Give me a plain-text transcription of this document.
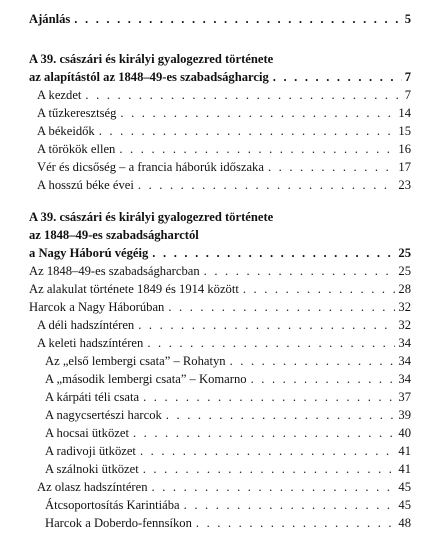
Ajánlás . . .	5
A 39. császári és királyi gyalogezred története
az alapítástól az 1848–49-es szabadságharcig . . .	7
A kezdet . . .	7
A tűzkeresztség . . .	14
A békeidők . . .	15
A törökök ellen . . .	16
Vér és dicsőség – a francia háborúk időszaka . . .	17
A hosszú béke évei . . .	23
A 39. császári és királyi gyalogezred története
az 1848–49-es szabadságharctól
a Nagy Háború végéig . . .	25
Az 1848–49-es szabadságharcban . . .	25
Az alakulat története 1849 és 1914 között . . .	28
Harcok a Nagy Háborúban . . .	32
A déli hadszíntéren . . .	32
A keleti hadszíntéren . . .	34
Az „első lembergi csata” – Rohatyn . . .	34
A „második lembergi csata” – Komarno . . .	34
A kárpáti téli csata . . .	37
A nagycsertészi harcok . . .	39
A hocsai ütközet . . .	40
A radivoji ütközet . . .	41
A szálnoki ütközet . . .	41
Az olasz hadszíntéren . . .	45
Átcsoportosítás Karintiába . . .	45
Harcok a Doberdo-fennsíkon . . .	48
